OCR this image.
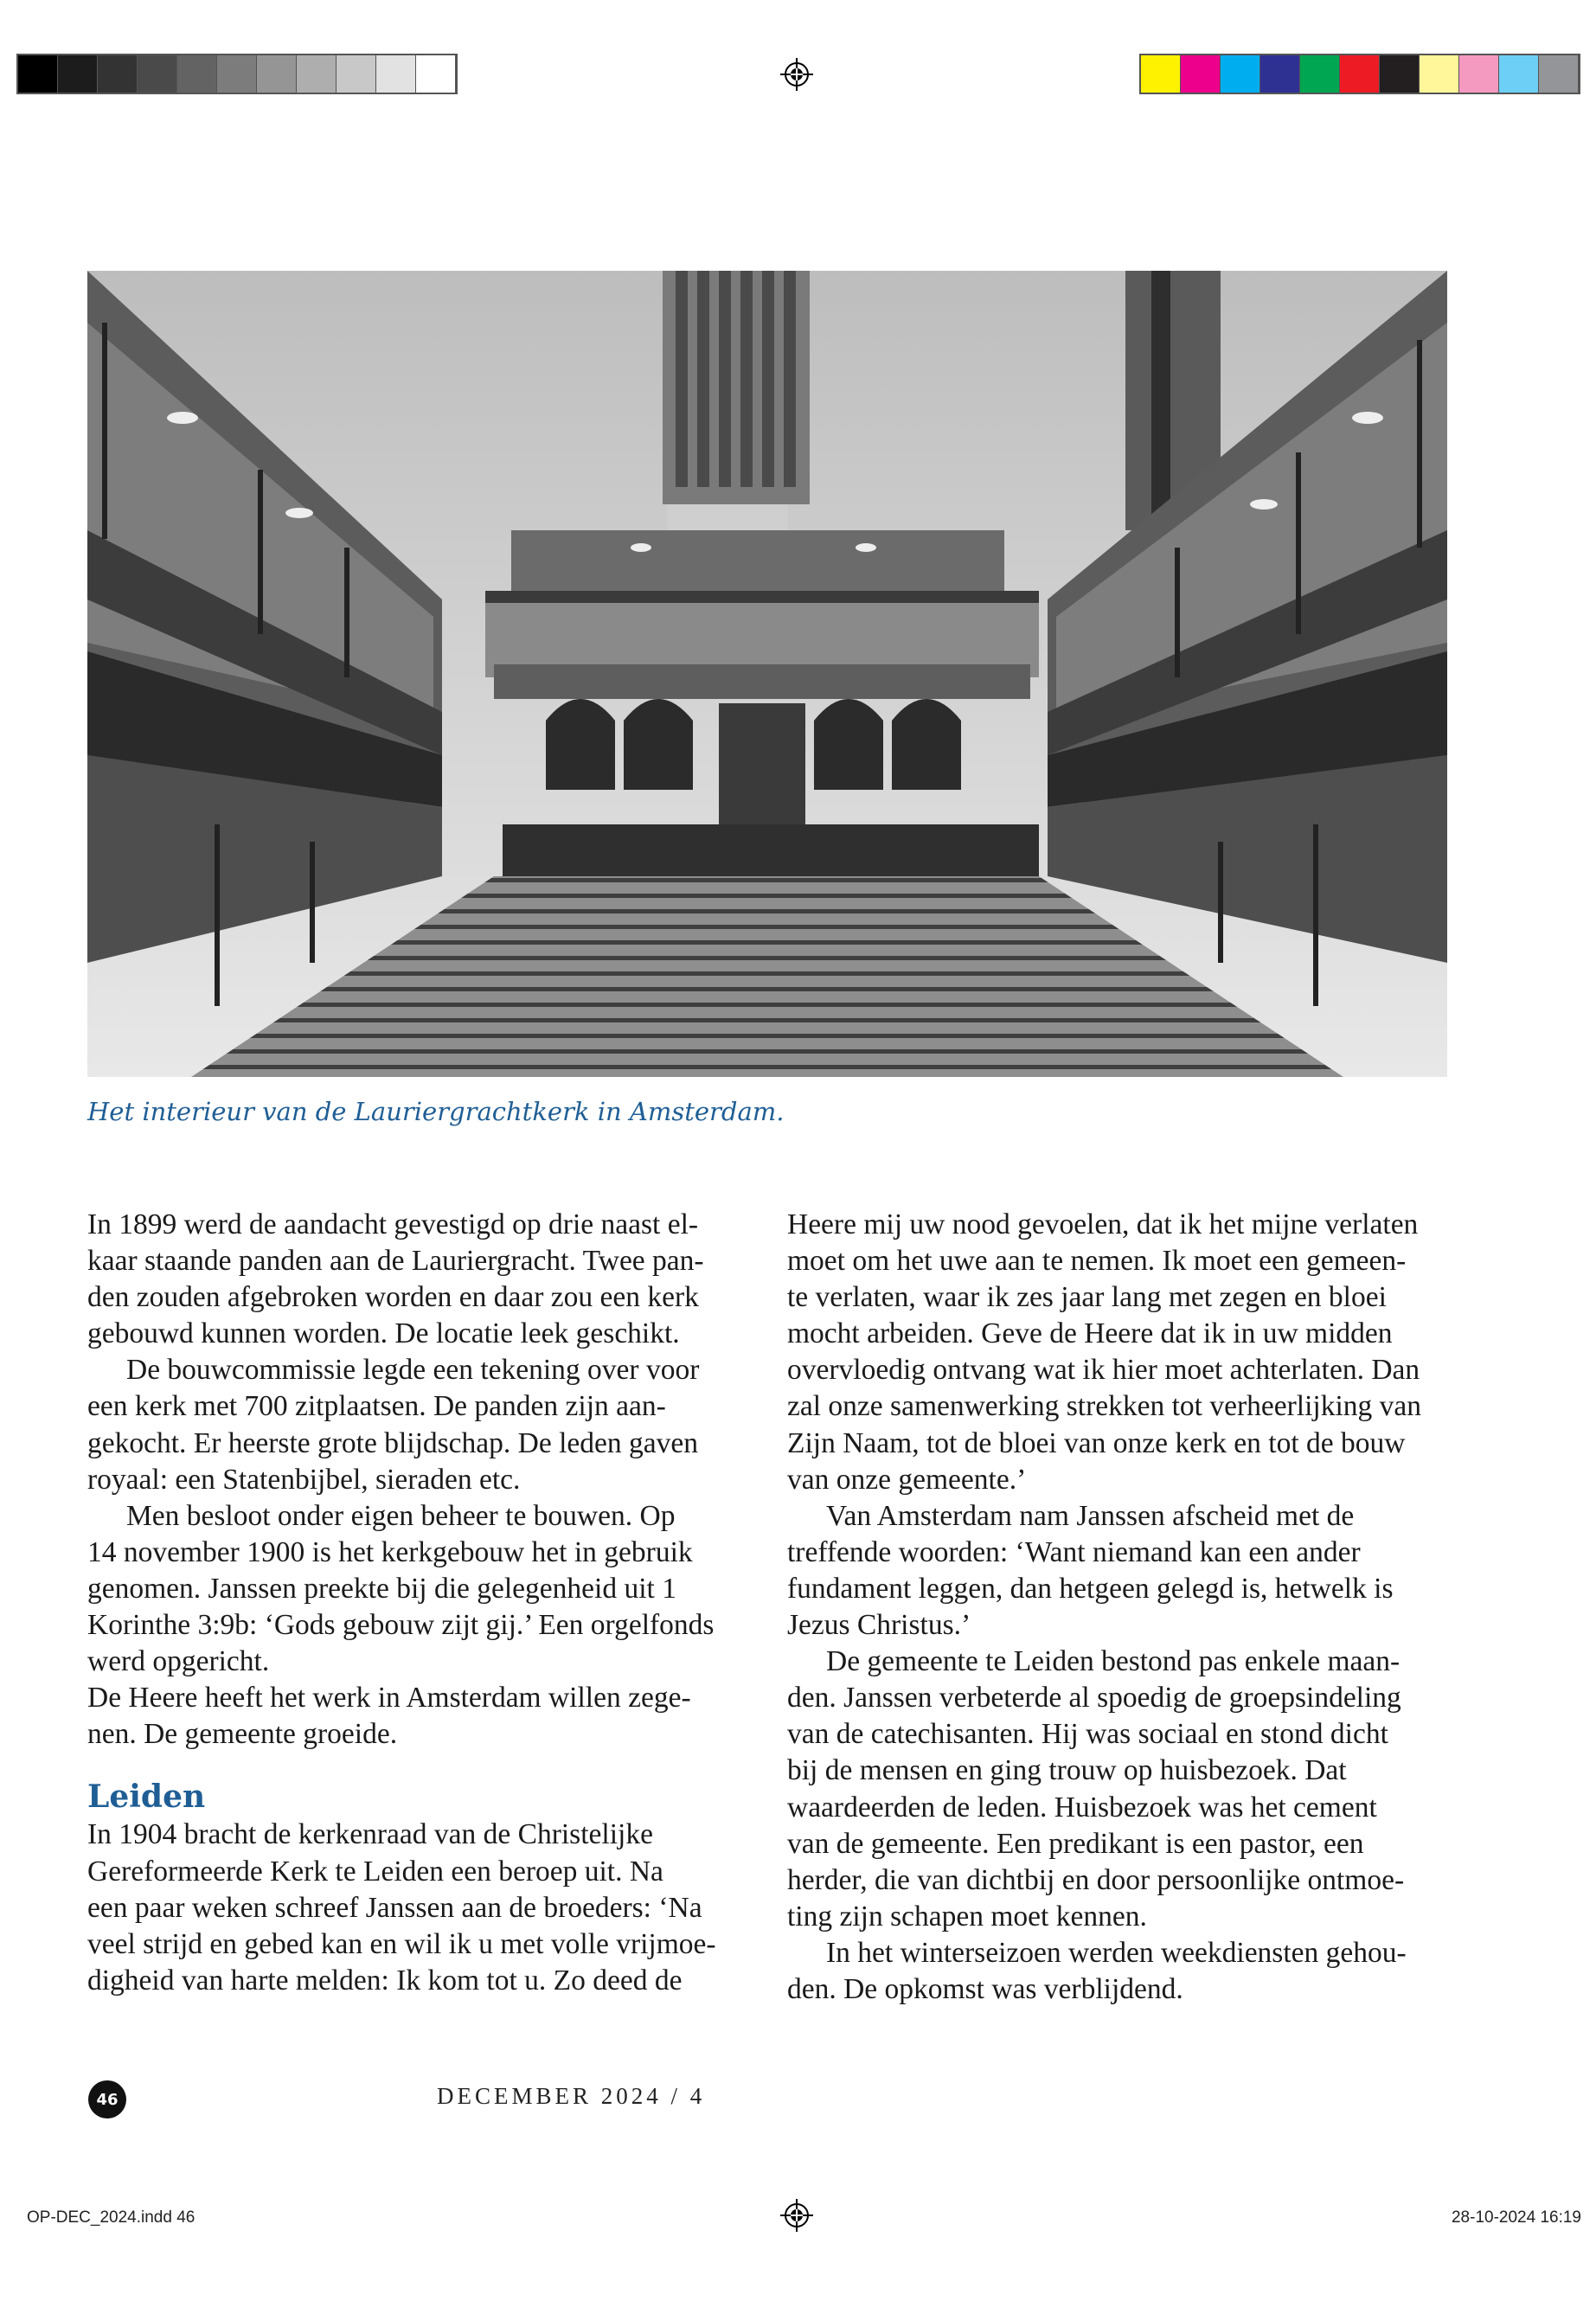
Het interieur van de Lauriergrachtkerk in Amsterdam.

In 1899 werd de aandacht gevestigd op drie naast el-

kaar staande panden aan de Lauriergracht. Twee pan-

den zouden afgebroken worden en daar zou een kerk

gebouwd kunnen worden. De locatie leek geschikt.

De bouwcommissie legde een tekening over voor

een kerk met 700 zitplaatsen. De panden zijn aan-

gekocht. Er heerste grote blijdschap. De leden gaven

royaal: een Statenbijbel, sieraden etc.

Men besloot onder eigen beheer te bouwen. Op

14 november 1900 is het kerkgebouw het in gebruik

genomen. Janssen preekte bij die gelegenheid uit 1

Korinthe 3:9b: ‘Gods gebouw zijt gij.’ Een orgelfonds

werd opgericht.

De Heere heeft het werk in Amsterdam willen zege-

nen. De gemeente groeide.

Leiden

In 1904 bracht de kerkenraad van de Christelijke

Gereformeerde Kerk te Leiden een beroep uit. Na

een paar weken schreef Janssen aan de broeders: ‘Na

veel strijd en gebed kan en wil ik u met volle vrijmoe-

digheid van harte melden: Ik kom tot u. Zo deed de

Heere mij uw nood gevoelen, dat ik het mijne verlaten

moet om het uwe aan te nemen. Ik moet een gemeen-

te verlaten, waar ik zes jaar lang met zegen en bloei

mocht arbeiden. Geve de Heere dat ik in uw midden

overvloedig ontvang wat ik hier moet achterlaten. Dan

zal onze samenwerking strekken tot verheerlijking van

Zijn Naam, tot de bloei van onze kerk en tot de bouw

van onze gemeente.’

Van Amsterdam nam Janssen afscheid met de

treffende woorden: ‘Want niemand kan een ander

fundament leggen, dan hetgeen gelegd is, hetwelk is

Jezus Christus.’

De gemeente te Leiden bestond pas enkele maan-

den. Janssen verbeterde al spoedig de groepsindeling

van de catechisanten. Hij was sociaal en stond dicht

bij de mensen en ging trouw op huisbezoek. Dat

waardeerden de leden. Huisbezoek was het cement

van de gemeente. Een predikant is een pastor, een

herder, die van dichtbij en door persoonlijke ontmoe-

ting zijn schapen moet kennen.

In het winterseizoen werden weekdiensten gehou-

den. De opkomst was verblijdend.

46	DECEMBER 2024 / 4
OP-DEC_2024.indd 46	28-10-2024 16:19
